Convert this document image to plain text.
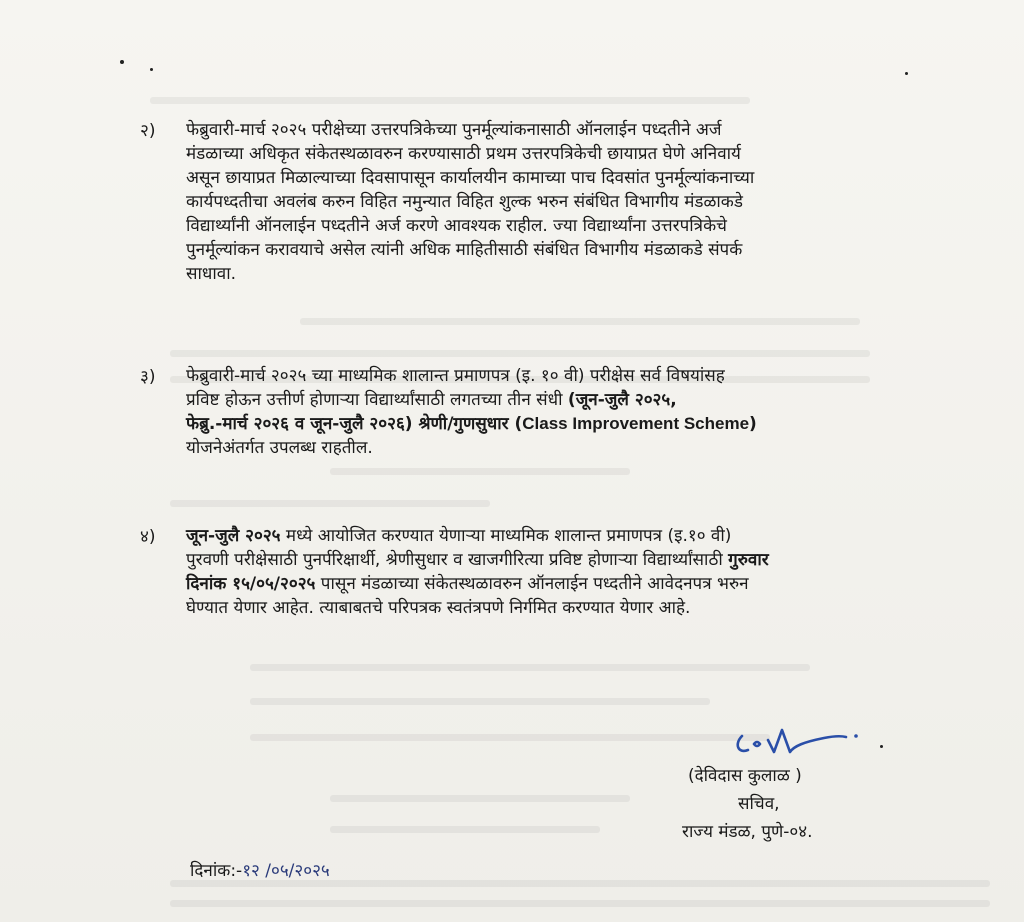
२) फेब्रुवारी-मार्च २०२५ परीक्षेच्या उत्तरपत्रिकेच्या पुनर्मूल्यांकनासाठी ऑनलाईन पध्दतीने अर्ज
मंडळाच्या अधिकृत संकेतस्थळावरुन करण्यासाठी प्रथम उत्तरपत्रिकेची छायाप्रत घेणे अनिवार्य
असून छायाप्रत मिळाल्याच्या दिवसापासून कार्यालयीन कामाच्या पाच दिवसांत पुनर्मूल्यांकनाच्या
कार्यपध्दतीचा अवलंब करुन विहित नमुन्यात विहित शुल्क भरुन संबंधित विभागीय मंडळाकडे
विद्यार्थ्यांनी ऑनलाईन पध्दतीने अर्ज करणे आवश्यक राहील. ज्या विद्यार्थ्यांना उत्तरपत्रिकेचे
पुनर्मूल्यांकन करावयाचे असेल त्यांनी अधिक माहितीसाठी संबंधित विभागीय मंडळाकडे संपर्क
साधावा.

३) फेब्रुवारी-मार्च २०२५ च्या माध्यमिक शालान्त प्रमाणपत्र (इ. १० वी) परीक्षेस सर्व विषयांसह
प्रविष्ट होऊन उत्तीर्ण होणाऱ्या विद्यार्थ्यांसाठी लगतच्या तीन संधी (जून-जुलै २०२५,
फेब्रु.-मार्च २०२६ व जून-जुलै २०२६) श्रेणी/गुणसुधार (Class Improvement Scheme)
योजनेअंतर्गत उपलब्ध राहतील.

४) जून-जुलै २०२५ मध्ये आयोजित करण्यात येणाऱ्या माध्यमिक शालान्त प्रमाणपत्र (इ.१० वी)
पुरवणी परीक्षेसाठी पुनर्परिक्षार्थी, श्रेणीसुधार व खाजगीरित्या प्रविष्ट होणाऱ्या विद्यार्थ्यांसाठी गुरुवार
दिनांक १५/०५/२०२५ पासून मंडळाच्या संकेतस्थळावरुन ऑनलाईन पध्दतीने आवेदनपत्र भरुन
घेण्यात येणार आहेत. त्याबाबतचे परिपत्रक स्वतंत्रपणे निर्गमित करण्यात येणार आहे.

(देविदास कुलाळ )
सचिव,
राज्य मंडळ, पुणे-०४.
दिनांक:-१२ /०५/२०२५
